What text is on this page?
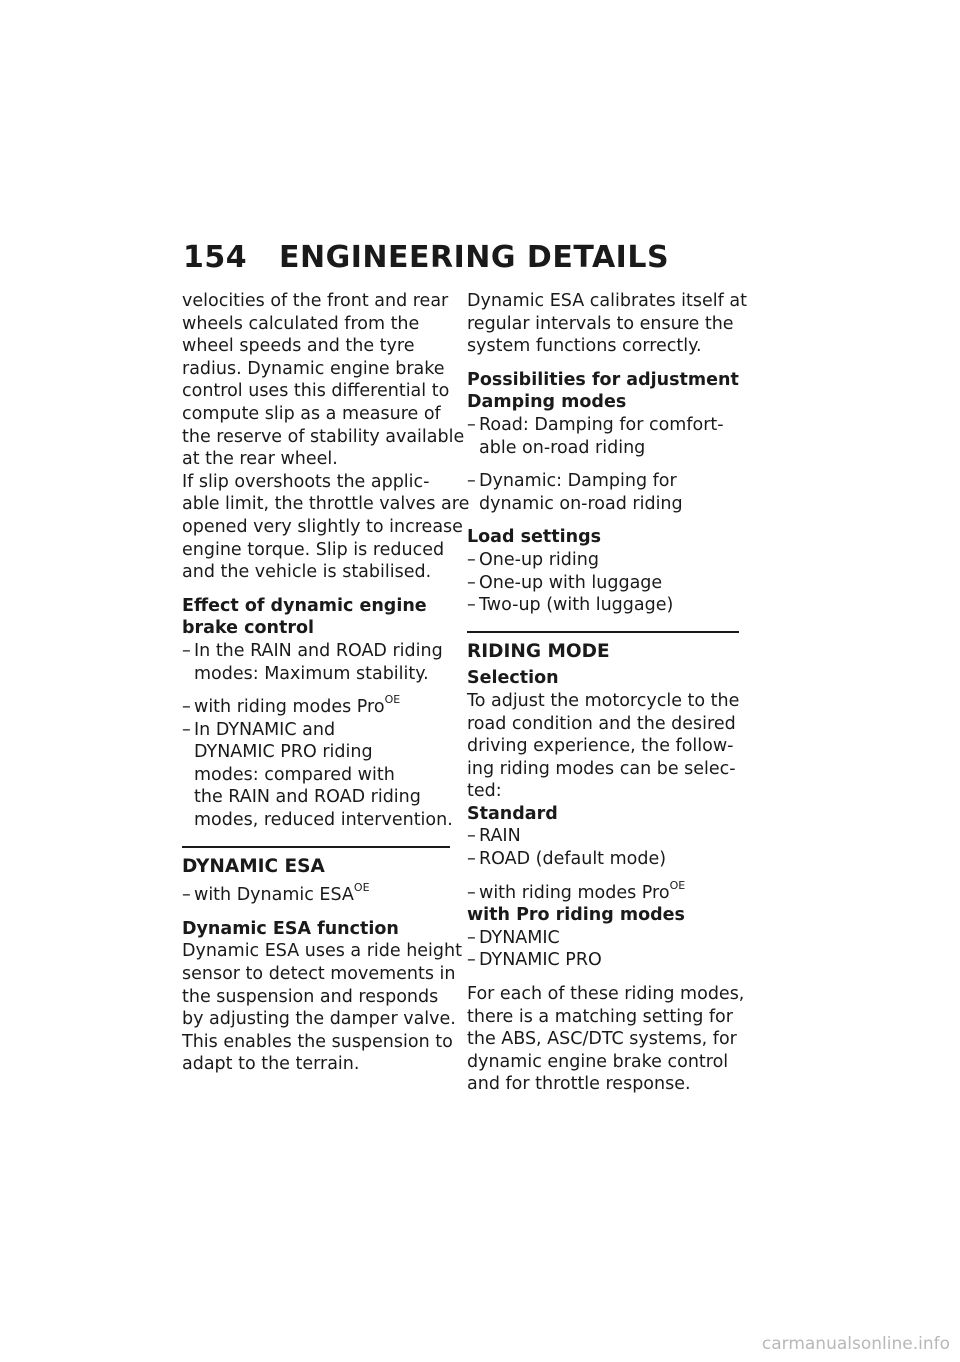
154 ENGINEERING DETAILS

velocities of the front and rear

wheels calculated from the

wheel speeds and the tyre

radius. Dynamic engine brake

control uses this differential to

compute slip as a measure of

the reserve of stability available

at the rear wheel.

If slip overshoots the applic-

able limit, the throttle valves are

opened very slightly to increase

engine torque. Slip is reduced

and the vehicle is stabilised.

Effect of dynamic engine
brake control
– In the RAIN and ROAD riding
modes: Maximum stability.
– with riding modes Pro$^{OE}$
– In DYNAMIC and
DYNAMIC PRO riding
modes: compared with
the RAIN and ROAD riding
modes, reduced intervention.
DYNAMIC ESA
– with Dynamic $ESA^{OE}$
Dynamic ESA function

Dynamic ESA uses a ride height

sensor to detect movements in

the suspension and responds

by adjusting the damper valve.

This enables the suspension to

adapt to the terrain.

Dynamic ESA calibrates itself at

regular intervals to ensure the

system functions correctly.

Possibilities for adjustment
Damping modes
– Road: Damping for comfort-
able on-road riding
– Dynamic: Damping for
dynamic on-road riding
Load settings
– One-up riding
– One-up with luggage
– Two-up (with luggage)
RIDING MODE
Selection

To adjust the motorcycle to the

road condition and the desired

driving experience, the follow-

ing riding modes can be selec-

ted:

Standard
– RAIN
– ROAD (default mode)
– with riding modes Pro$^{OE}$
with Pro riding modes
– DYNAMIC
– DYNAMIC PRO

For each of these riding modes,

there is a matching setting for

the ABS, ASC/DTC systems, for

dynamic engine brake control

and for throttle response.

carmanualsonline.info
